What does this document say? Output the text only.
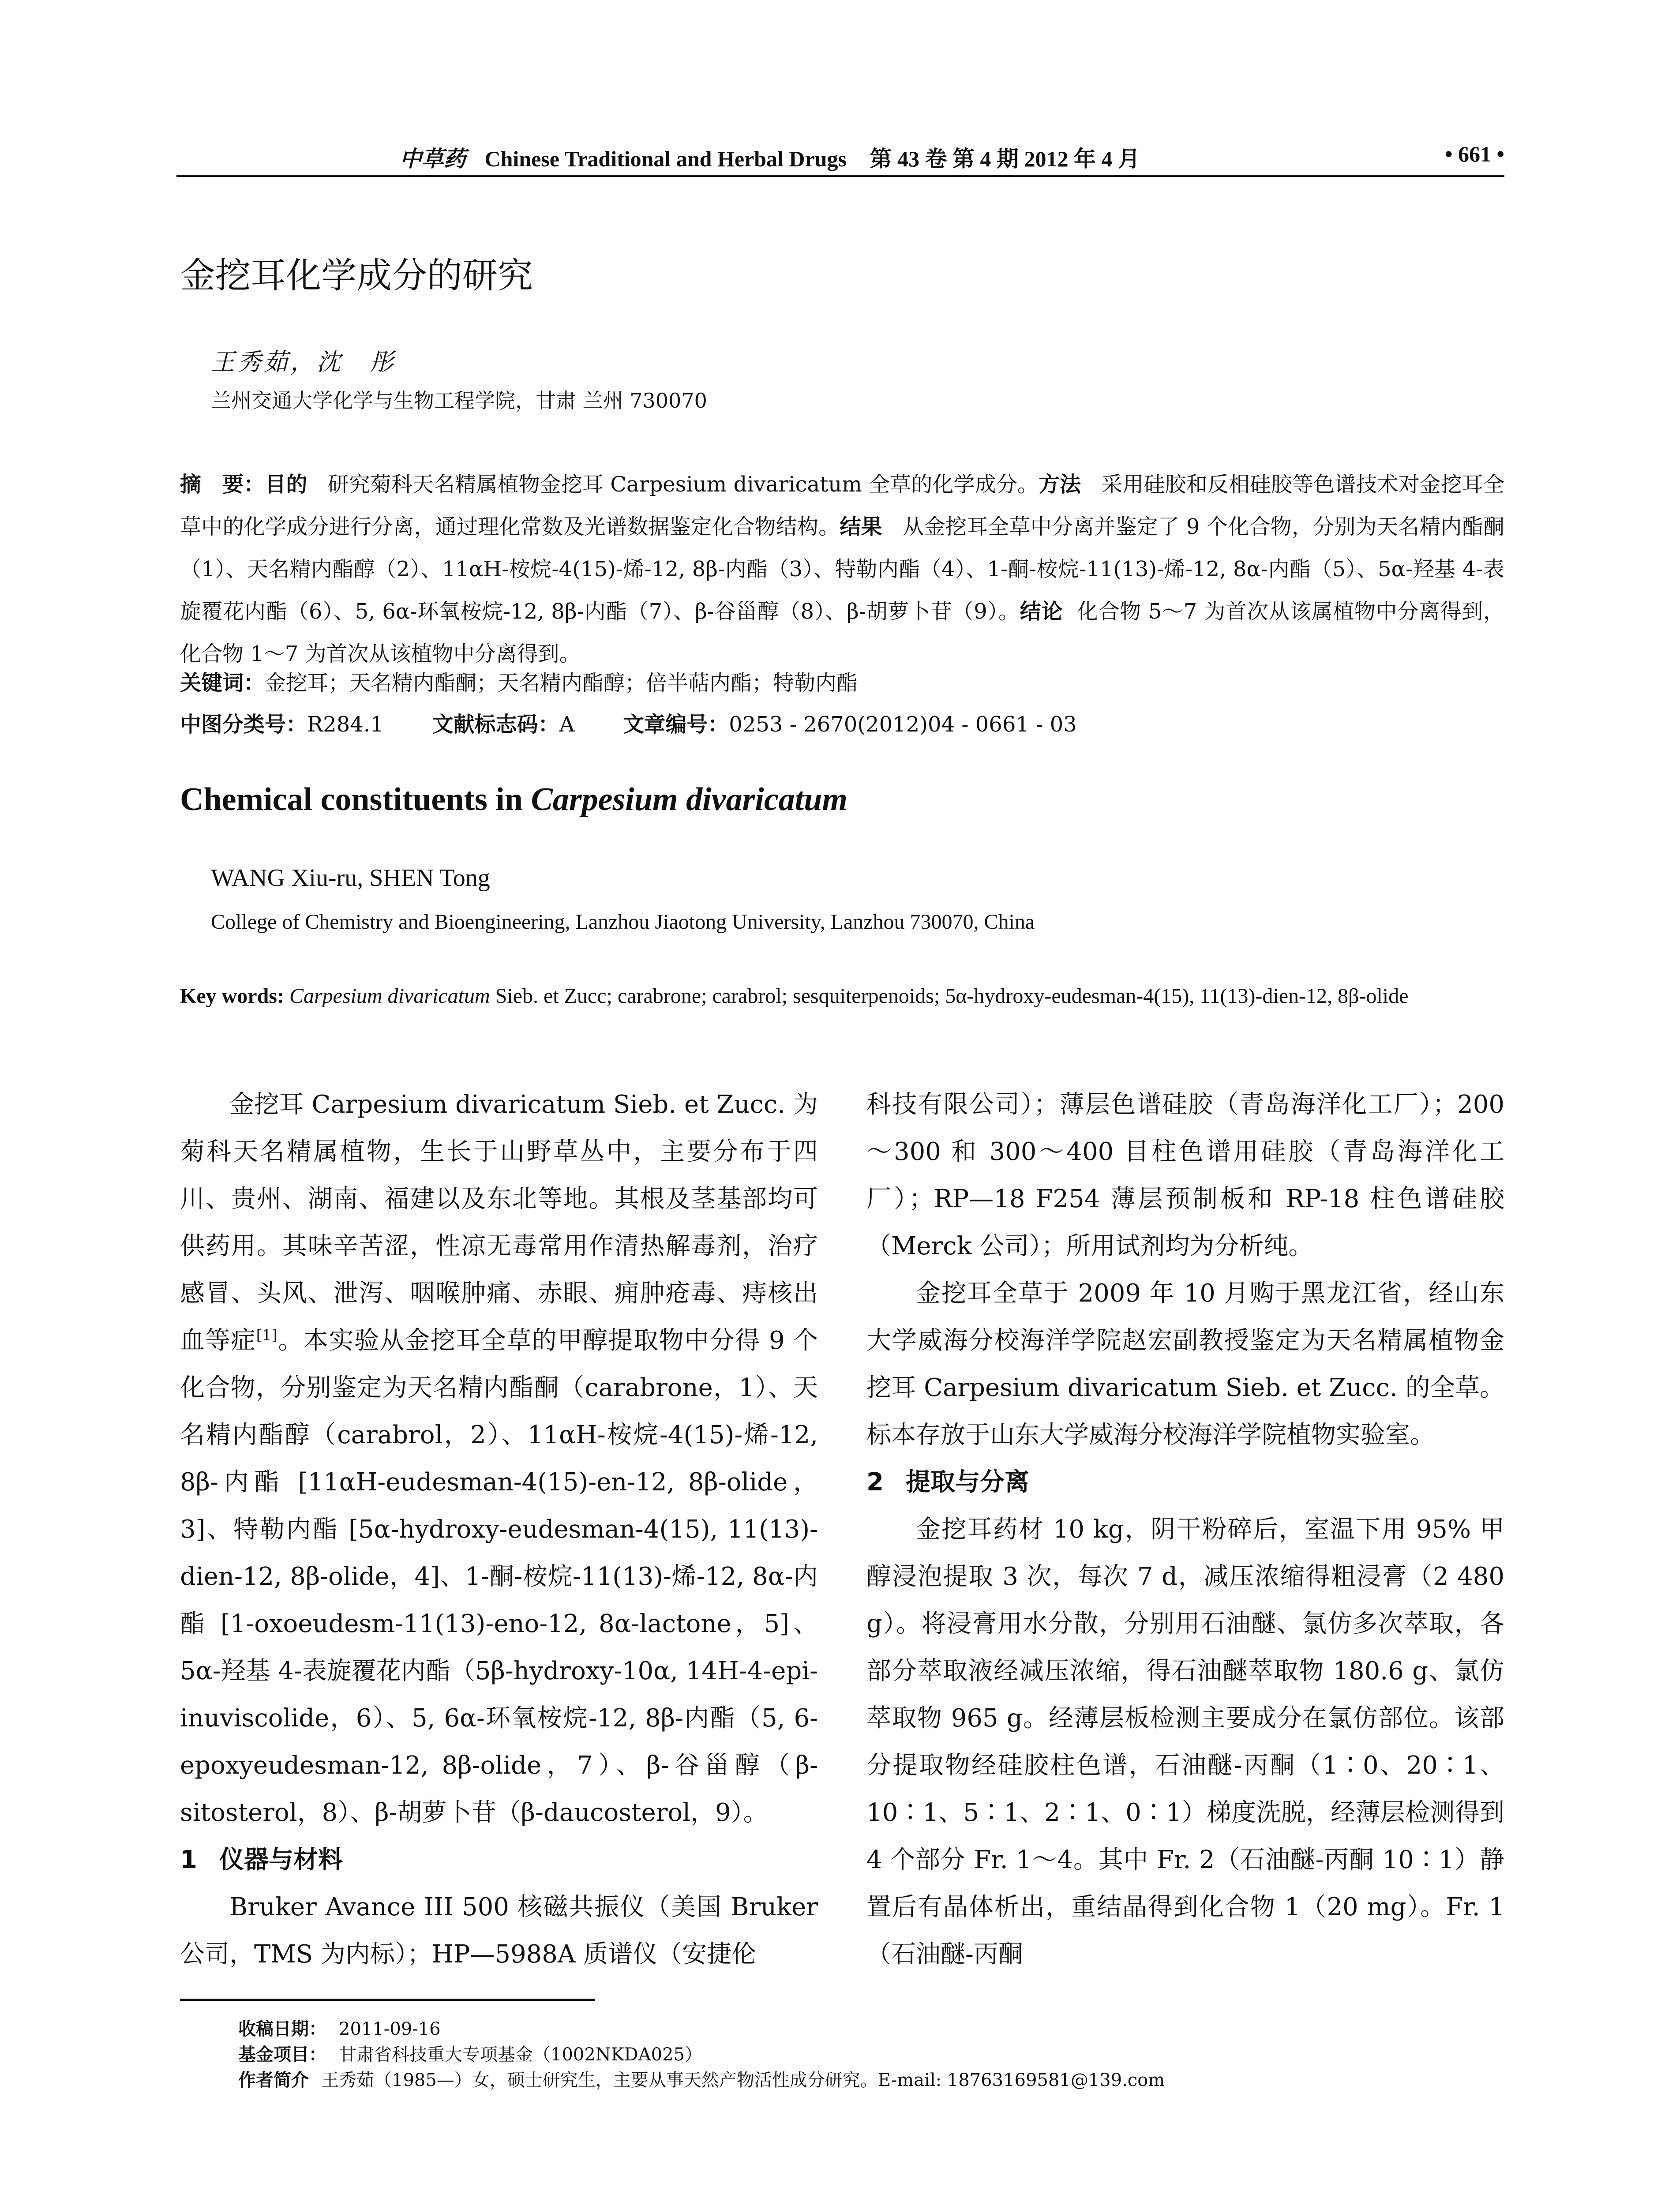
中草药 Chinese Traditional and Herbal Drugs 第 43 卷 第 4 期 2012 年 4 月	• 661 •
金挖耳化学成分的研究
王秀茹，沈　彤
兰州交通大学化学与生物工程学院，甘肃 兰州 730070
摘　要：目的 研究菊科天名精属植物金挖耳 Carpesium divaricatum 全草的化学成分。方法 采用硅胶和反相硅胶等色谱技术对金挖耳全草中的化学成分进行分离，通过理化常数及光谱数据鉴定化合物结构。结果 从金挖耳全草中分离并鉴定了 9 个化合物，分别为天名精内酯酮（1）、天名精内酯醇（2）、11αH-桉烷-4(15)-烯-12, 8β-内酯（3）、特勒内酯（4）、1-酮-桉烷-11(13)-烯-12, 8α-内酯（5）、5α-羟基 4-表旋覆花内酯（6）、5, 6α-环氧桉烷-12, 8β-内酯（7）、β-谷甾醇（8）、β-胡萝卜苷（9）。结论 化合物 5～7 为首次从该属植物中分离得到，化合物 1～7 为首次从该植物中分离得到。
关键词：金挖耳；天名精内酯酮；天名精内酯醇；倍半萜内酯；特勒内酯
中图分类号：R284.1 文献标志码：A 文章编号：0253 - 2670(2012)04 - 0661 - 03
Chemical constituents in Carpesium divaricatum
WANG Xiu-ru, SHEN Tong
College of Chemistry and Bioengineering, Lanzhou Jiaotong University, Lanzhou 730070, China
Key words: Carpesium divaricatum Sieb. et Zucc; carabrone; carabrol; sesquiterpenoids; 5α-hydroxy-eudesman-4(15), 11(13)-dien-12, 8β-olide

金挖耳 Carpesium divaricatum Sieb. et Zucc. 为菊科天名精属植物，生长于山野草丛中，主要分布于四川、贵州、湖南、福建以及东北等地。其根及茎基部均可供药用。其味辛苦涩，性凉无毒常用作清热解毒剂，治疗感冒、头风、泄泻、咽喉肿痛、赤眼、痈肿疮毒、痔核出血等症[1]。本实验从金挖耳全草的甲醇提取物中分得 9 个化合物，分别鉴定为天名精内酯酮（carabrone，1）、天名精内酯醇（carabrol，2）、11αH-桉烷-4(15)-烯-12, 8β-内酯 [11αH-eudesman-4(15)-en-12, 8β-olide，3]、特勒内酯 [5α-hydroxy-eudesman-4(15), 11(13)-dien-12, 8β-olide，4]、1-酮-桉烷-11(13)-烯-12, 8α-内酯 [1-oxoeudesm-11(13)-eno-12, 8α-lactone，5]、5α-羟基 4-表旋覆花内酯（5β-hydroxy-10α, 14H-4-epi-inuviscolide，6）、5, 6α-环氧桉烷-12, 8β-内酯（5, 6-epoxyeudesman-12, 8β-olide，7）、β-谷甾醇（β-sitosterol，8）、β-胡萝卜苷（β-daucosterol，9）。

1 仪器与材料

Bruker Avance III 500 核磁共振仪（美国 Bruker 公司，TMS 为内标）；HP—5988A 质谱仪（安捷伦

科技有限公司）；薄层色谱硅胶（青岛海洋化工厂）；200～300 和 300～400 目柱色谱用硅胶（青岛海洋化工厂）；RP—18 F254 薄层预制板和 RP-18 柱色谱硅胶（Merck 公司）；所用试剂均为分析纯。

金挖耳全草于 2009 年 10 月购于黑龙江省，经山东大学威海分校海洋学院赵宏副教授鉴定为天名精属植物金挖耳 Carpesium divaricatum Sieb. et Zucc. 的全草。标本存放于山东大学威海分校海洋学院植物实验室。

2 提取与分离

金挖耳药材 10 kg，阴干粉碎后，室温下用 95% 甲醇浸泡提取 3 次，每次 7 d，减压浓缩得粗浸膏（2 480 g）。将浸膏用水分散，分别用石油醚、氯仿多次萃取，各部分萃取液经减压浓缩，得石油醚萃取物 180.6 g、氯仿萃取物 965 g。经薄层板检测主要成分在氯仿部位。该部分提取物经硅胶柱色谱，石油醚-丙酮（1∶0、20∶1、10∶1、5∶1、2∶1、0∶1）梯度洗脱，经薄层检测得到 4 个部分 Fr. 1～4。其中 Fr. 2（石油醚-丙酮 10∶1）静置后有晶体析出，重结晶得到化合物 1（20 mg）。Fr. 1（石油醚-丙酮

收稿日期： 2011-09-16
基金项目： 甘肃省科技重大专项基金（1002NKDA025）
作者简介 王秀茹（1985—）女，硕士研究生，主要从事天然产物活性成分研究。E-mail: 18763169581@139.com
